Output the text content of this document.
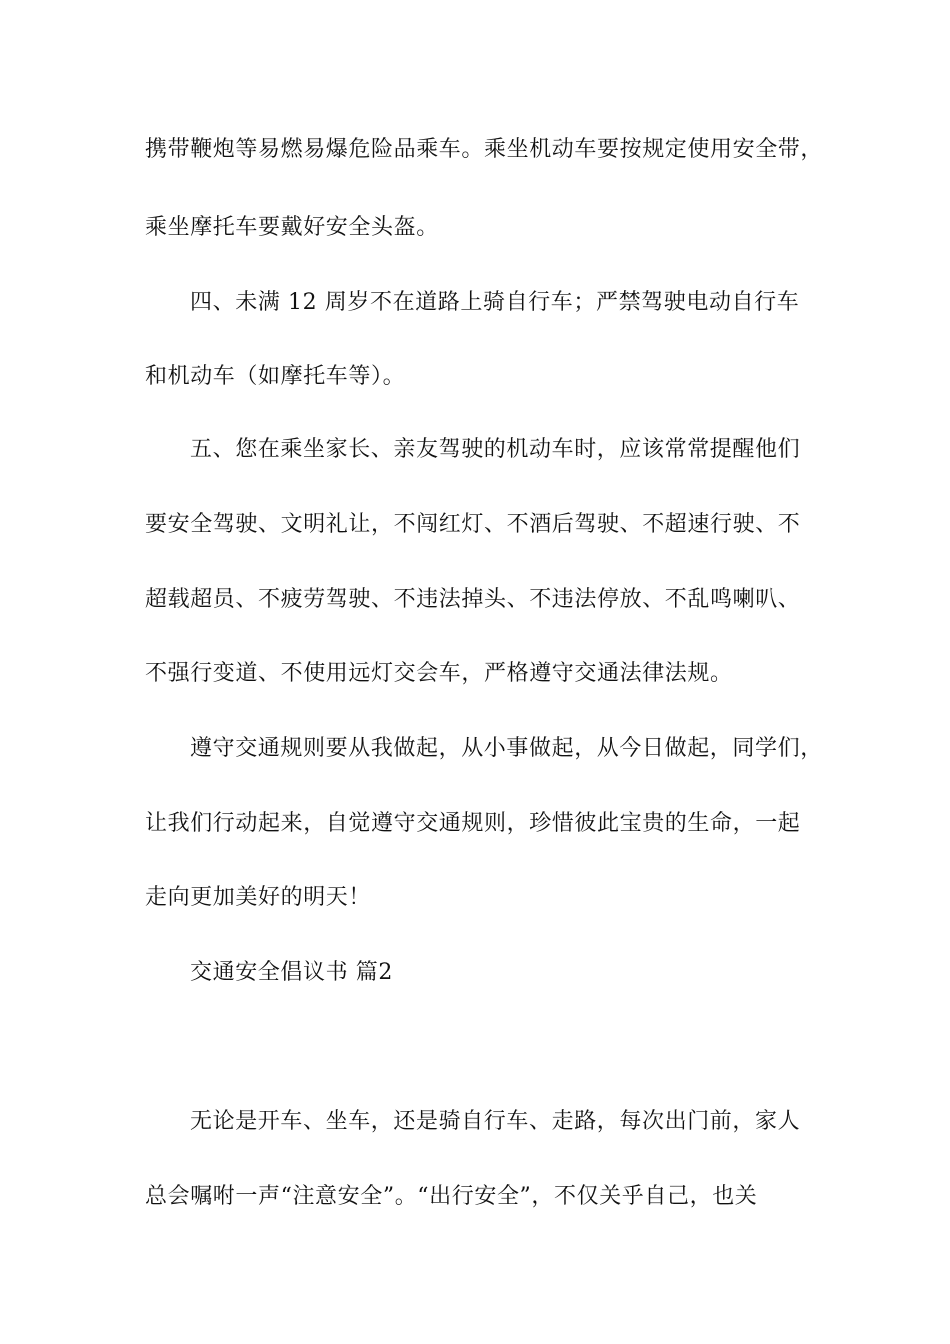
携带鞭炮等易燃易爆危险品乘车。乘坐机动车要按规定使用安全带，
乘坐摩托车要戴好安全头盔。
四、未满 12 周岁不在道路上骑自行车；严禁驾驶电动自行车
和机动车（如摩托车等）。
五、您在乘坐家长、亲友驾驶的机动车时，应该常常提醒他们
要安全驾驶、文明礼让，不闯红灯、不酒后驾驶、不超速行驶、不
超载超员、不疲劳驾驶、不违法掉头、不违法停放、不乱鸣喇叭、
不强行变道、不使用远灯交会车，严格遵守交通法律法规。
遵守交通规则要从我做起，从小事做起，从今日做起，同学们，
让我们行动起来，自觉遵守交通规则，珍惜彼此宝贵的生命，一起
走向更加美好的明天！
交通安全倡议书 篇2
无论是开车、坐车，还是骑自行车、走路，每次出门前，家人
总会嘱咐一声“注意安全”。“出行安全”，不仅关乎自己，也关
